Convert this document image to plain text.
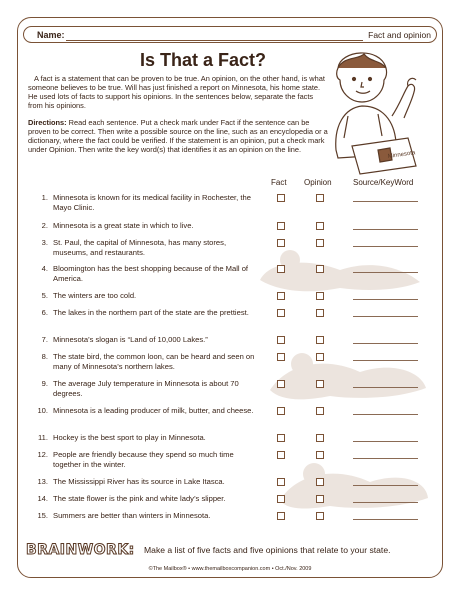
Name:	Fact and opinion
Is That a Fact?
A fact is a statement that can be proven to be true. An opinion, on the other hand, is what someone believes to be true. Will has just finished a report on Minnesota, his home state. He used lots of facts to support his opinions. In the sentences below, separate the facts from his opinions.
Directions: Read each sentence. Put a check mark under Fact if the sentence can be proven to be correct. Then write a possible source on the line, such as an encyclopedia or a dictionary, where the fact could be verified. If the statement is an opinion, put a check mark under Opinion. Then write the key word(s) that identifies it as an opinion on the line.
Minnesota
Fact Opinion	Source/KeyWord
1. Minnesota is known for its medical facility in Rochester, the Mayo Clinic.
2. Minnesota is a great state in which to live.
3. St. Paul, the capital of Minnesota, has many stores, museums, and restaurants.
4. Bloomington has the best shopping because of the Mall of America.
5. The winters are too cold.
6. The lakes in the northern part of the state are the prettiest.
7. Minnesota’s slogan is “Land of 10,000 Lakes.”
8. The state bird, the common loon, can be heard and seen on many of Minnesota’s northern lakes.
9. The average July temperature in Minnesota is about 70 degrees.
10. Minnesota is a leading producer of milk, butter, and cheese.
11. Hockey is the best sport to play in Minnesota.
12. People are friendly because they spend so much time together in the winter.
13. The Mississippi River has its source in Lake Itasca.
14. The state flower is the pink and white lady’s slipper.
15. Summers are better than winters in Minnesota.
BRAINWORK: Make a list of five facts and five opinions that relate to your state.
©The Mailbox® • www.themailboxcompanion.com • Oct./Nov. 2009
